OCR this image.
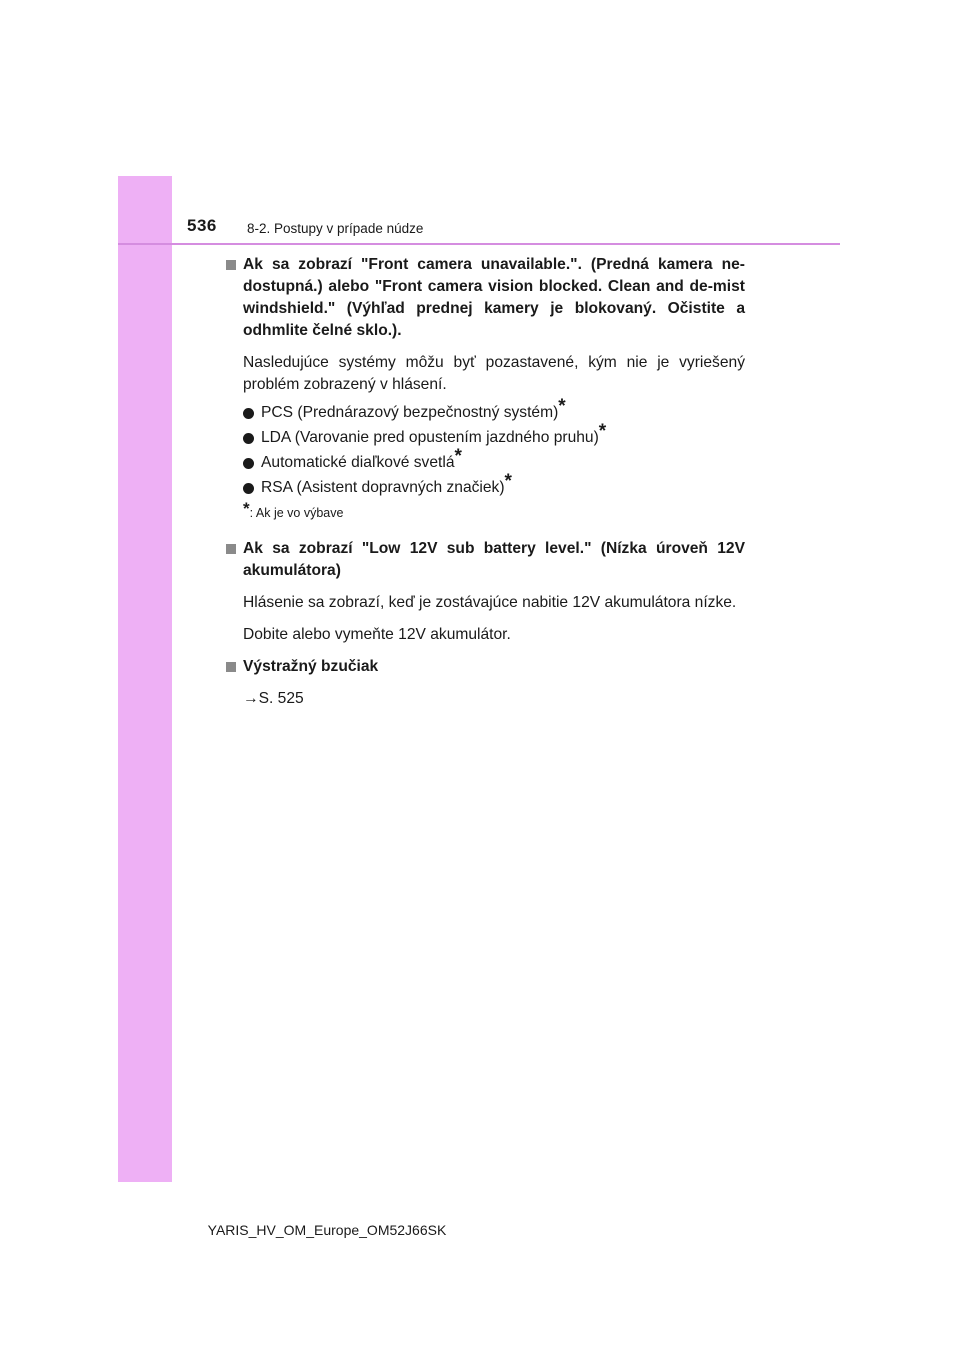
536 8-2. Postupy v prípade núdze
Ak sa zobrazí "Front camera unavailable.". (Predná kamera ne-dostupná.) alebo "Front camera vision blocked. Clean and de-mist windshield." (Výhľad prednej kamery je blokovaný. Očistite a odhmlite čelné sklo.).
Nasledujúce systémy môžu byť pozastavené, kým nie je vyriešený problém zobrazený v hlásení.
PCS (Prednárazový bezpečnostný systém)*
LDA (Varovanie pred opustením jazdného pruhu)*
Automatické diaľkové svetlá*
RSA (Asistent dopravných značiek)*
*: Ak je vo výbave
Ak sa zobrazí "Low 12V sub battery level." (Nízka úroveň 12V akumulátora)
Hlásenie sa zobrazí, keď je zostávajúce nabitie 12V akumulátora nízke.
Dobite alebo vymeňte 12V akumulátor.
Výstražný bzučiak
→S. 525
YARIS_HV_OM_Europe_OM52J66SK
